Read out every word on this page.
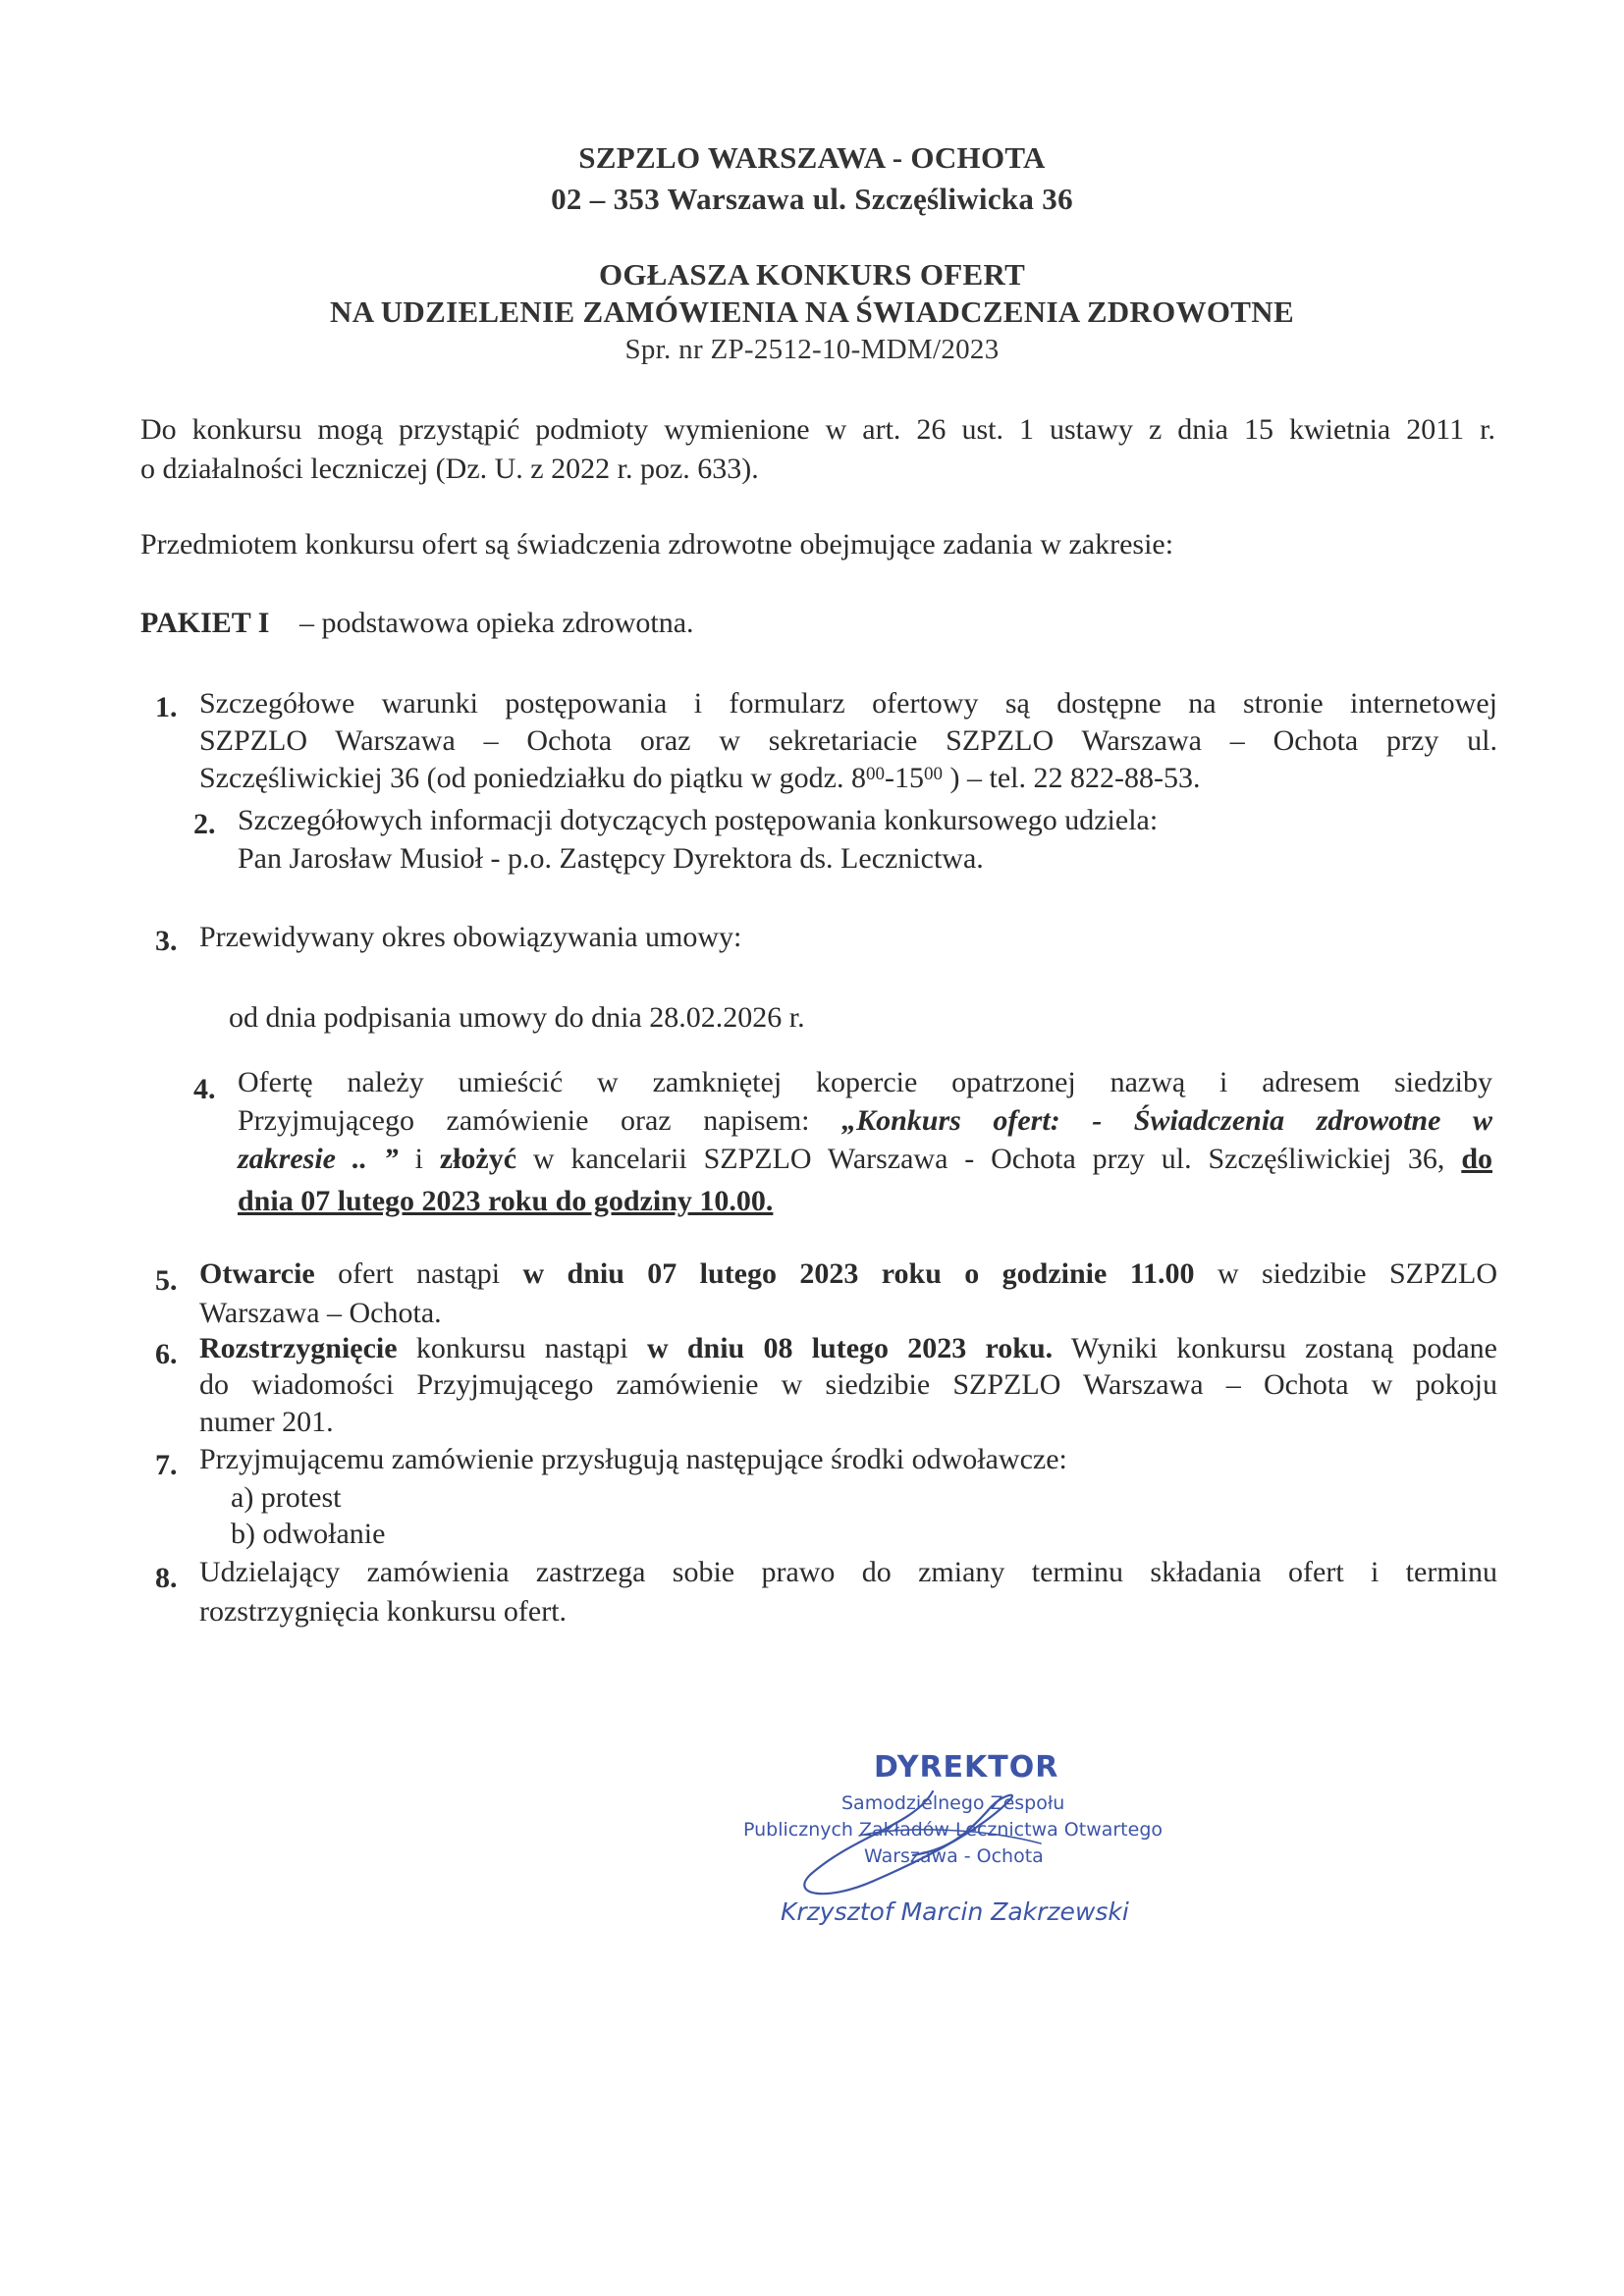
SZPZLO WARSZAWA - OCHOTA
02 – 353 Warszawa ul. Szczęśliwicka 36
OGŁASZA KONKURS OFERT
NA UDZIELENIE ZAMÓWIENIA NA ŚWIADCZENIA ZDROWOTNE
Spr. nr ZP-2512-10-MDM/2023
Do konkursu mogą przystąpić podmioty wymienione w art. 26 ust. 1 ustawy z dnia 15 kwietnia 2011 r.
o działalności leczniczej (Dz. U. z 2022 r. poz. 633).
Przedmiotem konkursu ofert są świadczenia zdrowotne obejmujące zadania w zakresie:
PAKIET I – podstawowa opieka zdrowotna.
1. Szczegółowe warunki postępowania i formularz ofertowy są dostępne na stronie internetowej
SZPZLO Warszawa – Ochota oraz w sekretariacie SZPZLO Warszawa – Ochota przy ul.
Szczęśliwickiej 36 (od poniedziałku do piątku w godz. $8^{00}-15^{00}$ ) – tel. 22 822-88-53.
2. Szczegółowych informacji dotyczących postępowania konkursowego udziela:
Pan Jarosław Musioł - p.o. Zastępcy Dyrektora ds. Lecznictwa.
3. Przewidywany okres obowiązywania umowy:
od dnia podpisania umowy do dnia 28.02.2026 r.
4. Ofertę należy umieścić w zamkniętej kopercie opatrzonej nazwą i adresem siedziby
Przyjmującego zamówienie oraz napisem: „Konkurs ofert: - Świadczenia zdrowotne w
zakresie .. ” i złożyć w kancelarii SZPZLO Warszawa - Ochota przy ul. Szczęśliwickiej 36, do
dnia 07 lutego 2023 roku do godziny 10.00.
5. Otwarcie ofert nastąpi w dniu 07 lutego 2023 roku o godzinie 11.00 w siedzibie SZPZLO
Warszawa – Ochota.
6. Rozstrzygnięcie konkursu nastąpi w dniu 08 lutego 2023 roku. Wyniki konkursu zostaną podane
do wiadomości Przyjmującego zamówienie w siedzibie SZPZLO Warszawa – Ochota w pokoju
numer 201.
7. Przyjmującemu zamówienie przysługują następujące środki odwoławcze:
a) protest
b) odwołanie
8. Udzielający zamówienia zastrzega sobie prawo do zmiany terminu składania ofert i terminu
rozstrzygnięcia konkursu ofert.
DYREKTOR
Samodzielnego Zespołu
Publicznych Zakładów Lecznictwa Otwartego
Warszawa - Ochota
Krzysztof Marcin Zakrzewski
